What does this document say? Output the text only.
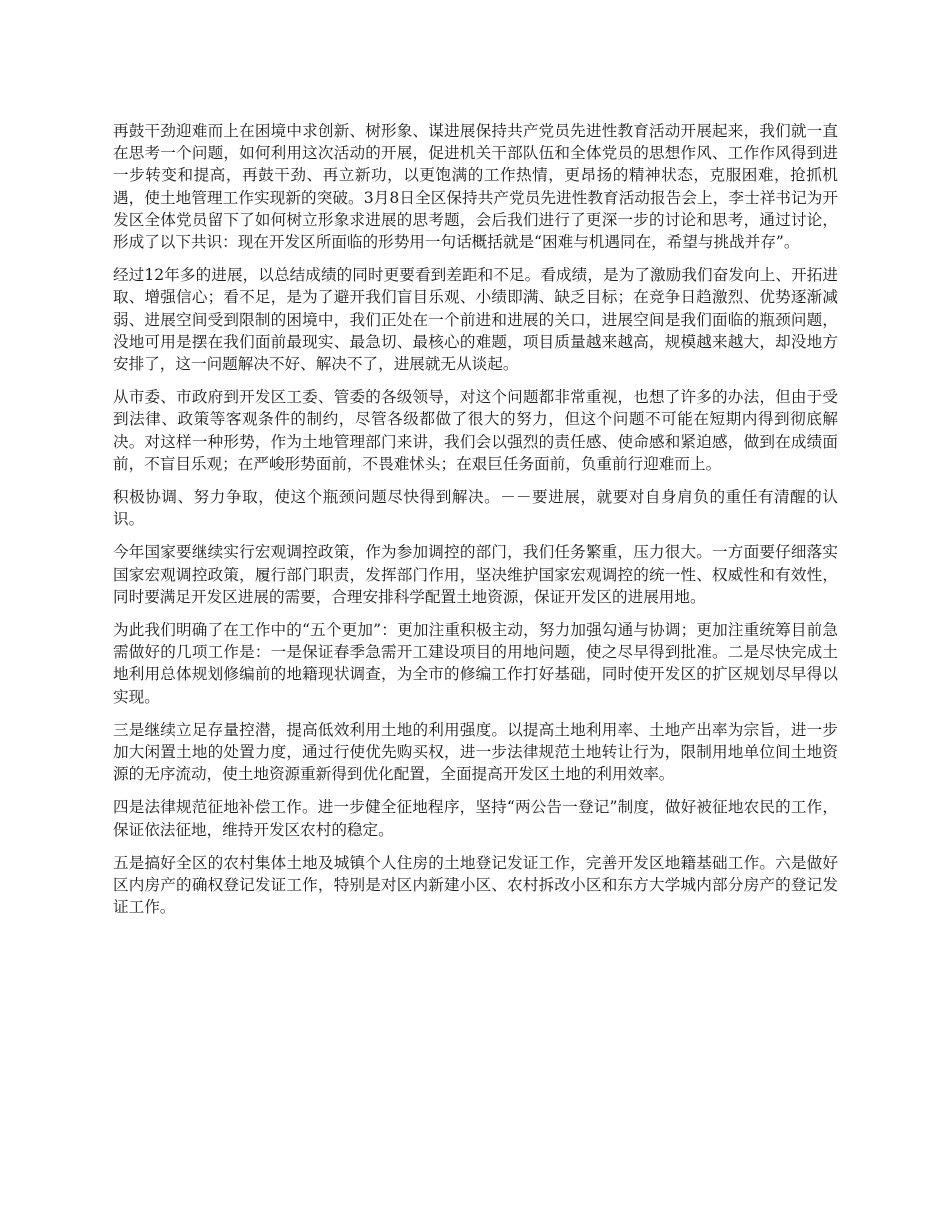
再鼓干劲迎难而上在困境中求创新、树形象、谋进展保持共产党员先进性教育活动开展起来，我们就一直在思考一个问题，如何利用这次活动的开展，促进机关干部队伍和全体党员的思想作风、工作作风得到进一步转变和提高，再鼓干劲、再立新功，以更饱满的工作热情，更昂扬的精神状态，克服困难，抢抓机遇，使土地管理工作实现新的突破。3月8日全区保持共产党员先进性教育活动报告会上，李士祥书记为开发区全体党员留下了如何树立形象求进展的思考题，会后我们进行了更深一步的讨论和思考，通过讨论，形成了以下共识：现在开发区所面临的形势用一句话概括就是“困难与机遇同在，希望与挑战并存”。

经过12年多的进展，以总结成绩的同时更要看到差距和不足。看成绩，是为了激励我们奋发向上、开拓进取、增强信心；看不足，是为了避开我们盲目乐观、小绩即满、缺乏目标；在竞争日趋激烈、优势逐渐减弱、进展空间受到限制的困境中，我们正处在一个前进和进展的关口，进展空间是我们面临的瓶颈问题，没地可用是摆在我们面前最现实、最急切、最核心的难题，项目质量越来越高，规模越来越大，却没地方安排了，这一问题解决不好、解决不了，进展就无从谈起。

从市委、市政府到开发区工委、管委的各级领导，对这个问题都非常重视，也想了许多的办法，但由于受到法律、政策等客观条件的制约，尽管各级都做了很大的努力，但这个问题不可能在短期内得到彻底解决。对这样一种形势，作为土地管理部门来讲，我们会以强烈的责任感、使命感和紧迫感，做到在成绩面前，不盲目乐观；在严峻形势面前，不畏难怵头；在艰巨任务面前，负重前行迎难而上。

积极协调、努力争取，使这个瓶颈问题尽快得到解决。－－要进展，就要对自身肩负的重任有清醒的认识。

今年国家要继续实行宏观调控政策，作为参加调控的部门，我们任务繁重，压力很大。一方面要仔细落实国家宏观调控政策，履行部门职责，发挥部门作用，坚决维护国家宏观调控的统一性、权威性和有效性，同时要满足开发区进展的需要，合理安排科学配置土地资源，保证开发区的进展用地。

为此我们明确了在工作中的“五个更加”：更加注重积极主动，努力加强勾通与协调；更加注重统筹目前急需做好的几项工作是：一是保证春季急需开工建设项目的用地问题，使之尽早得到批准。二是尽快完成土地利用总体规划修编前的地籍现状调查，为全市的修编工作打好基础，同时使开发区的扩区规划尽早得以实现。

三是继续立足存量控潜，提高低效利用土地的利用强度。以提高土地利用率、土地产出率为宗旨，进一步加大闲置土地的处置力度，通过行使优先购买权，进一步法律规范土地转让行为，限制用地单位间土地资源的无序流动，使土地资源重新得到优化配置，全面提高开发区土地的利用效率。

四是法律规范征地补偿工作。进一步健全征地程序，坚持“两公告一登记”制度，做好被征地农民的工作，保证依法征地，维持开发区农村的稳定。

五是搞好全区的农村集体土地及城镇个人住房的土地登记发证工作，完善开发区地籍基础工作。六是做好区内房产的确权登记发证工作，特别是对区内新建小区、农村拆改小区和东方大学城内部分房产的登记发证工作。
